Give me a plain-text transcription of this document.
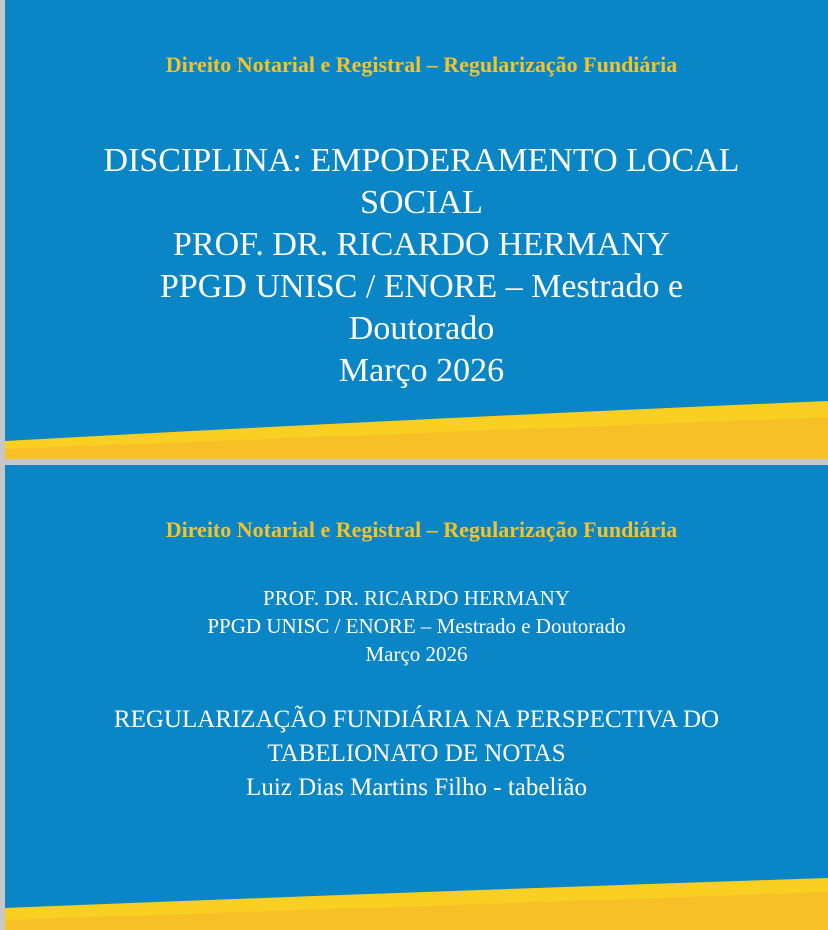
Direito Notarial e Registral – Regularização Fundiária
DISCIPLINA: EMPODERAMENTO LOCAL
SOCIAL
PROF. DR. RICARDO HERMANY
PPGD UNISC / ENORE – Mestrado e
Doutorado
Março 2026
Direito Notarial e Registral – Regularização Fundiária
PROF. DR. RICARDO HERMANY
PPGD UNISC / ENORE – Mestrado e Doutorado
Março 2026
REGULARIZAÇÃO FUNDIÁRIA NA PERSPECTIVA DO
TABELIONATO DE NOTAS
Luiz Dias Martins Filho - tabelião
